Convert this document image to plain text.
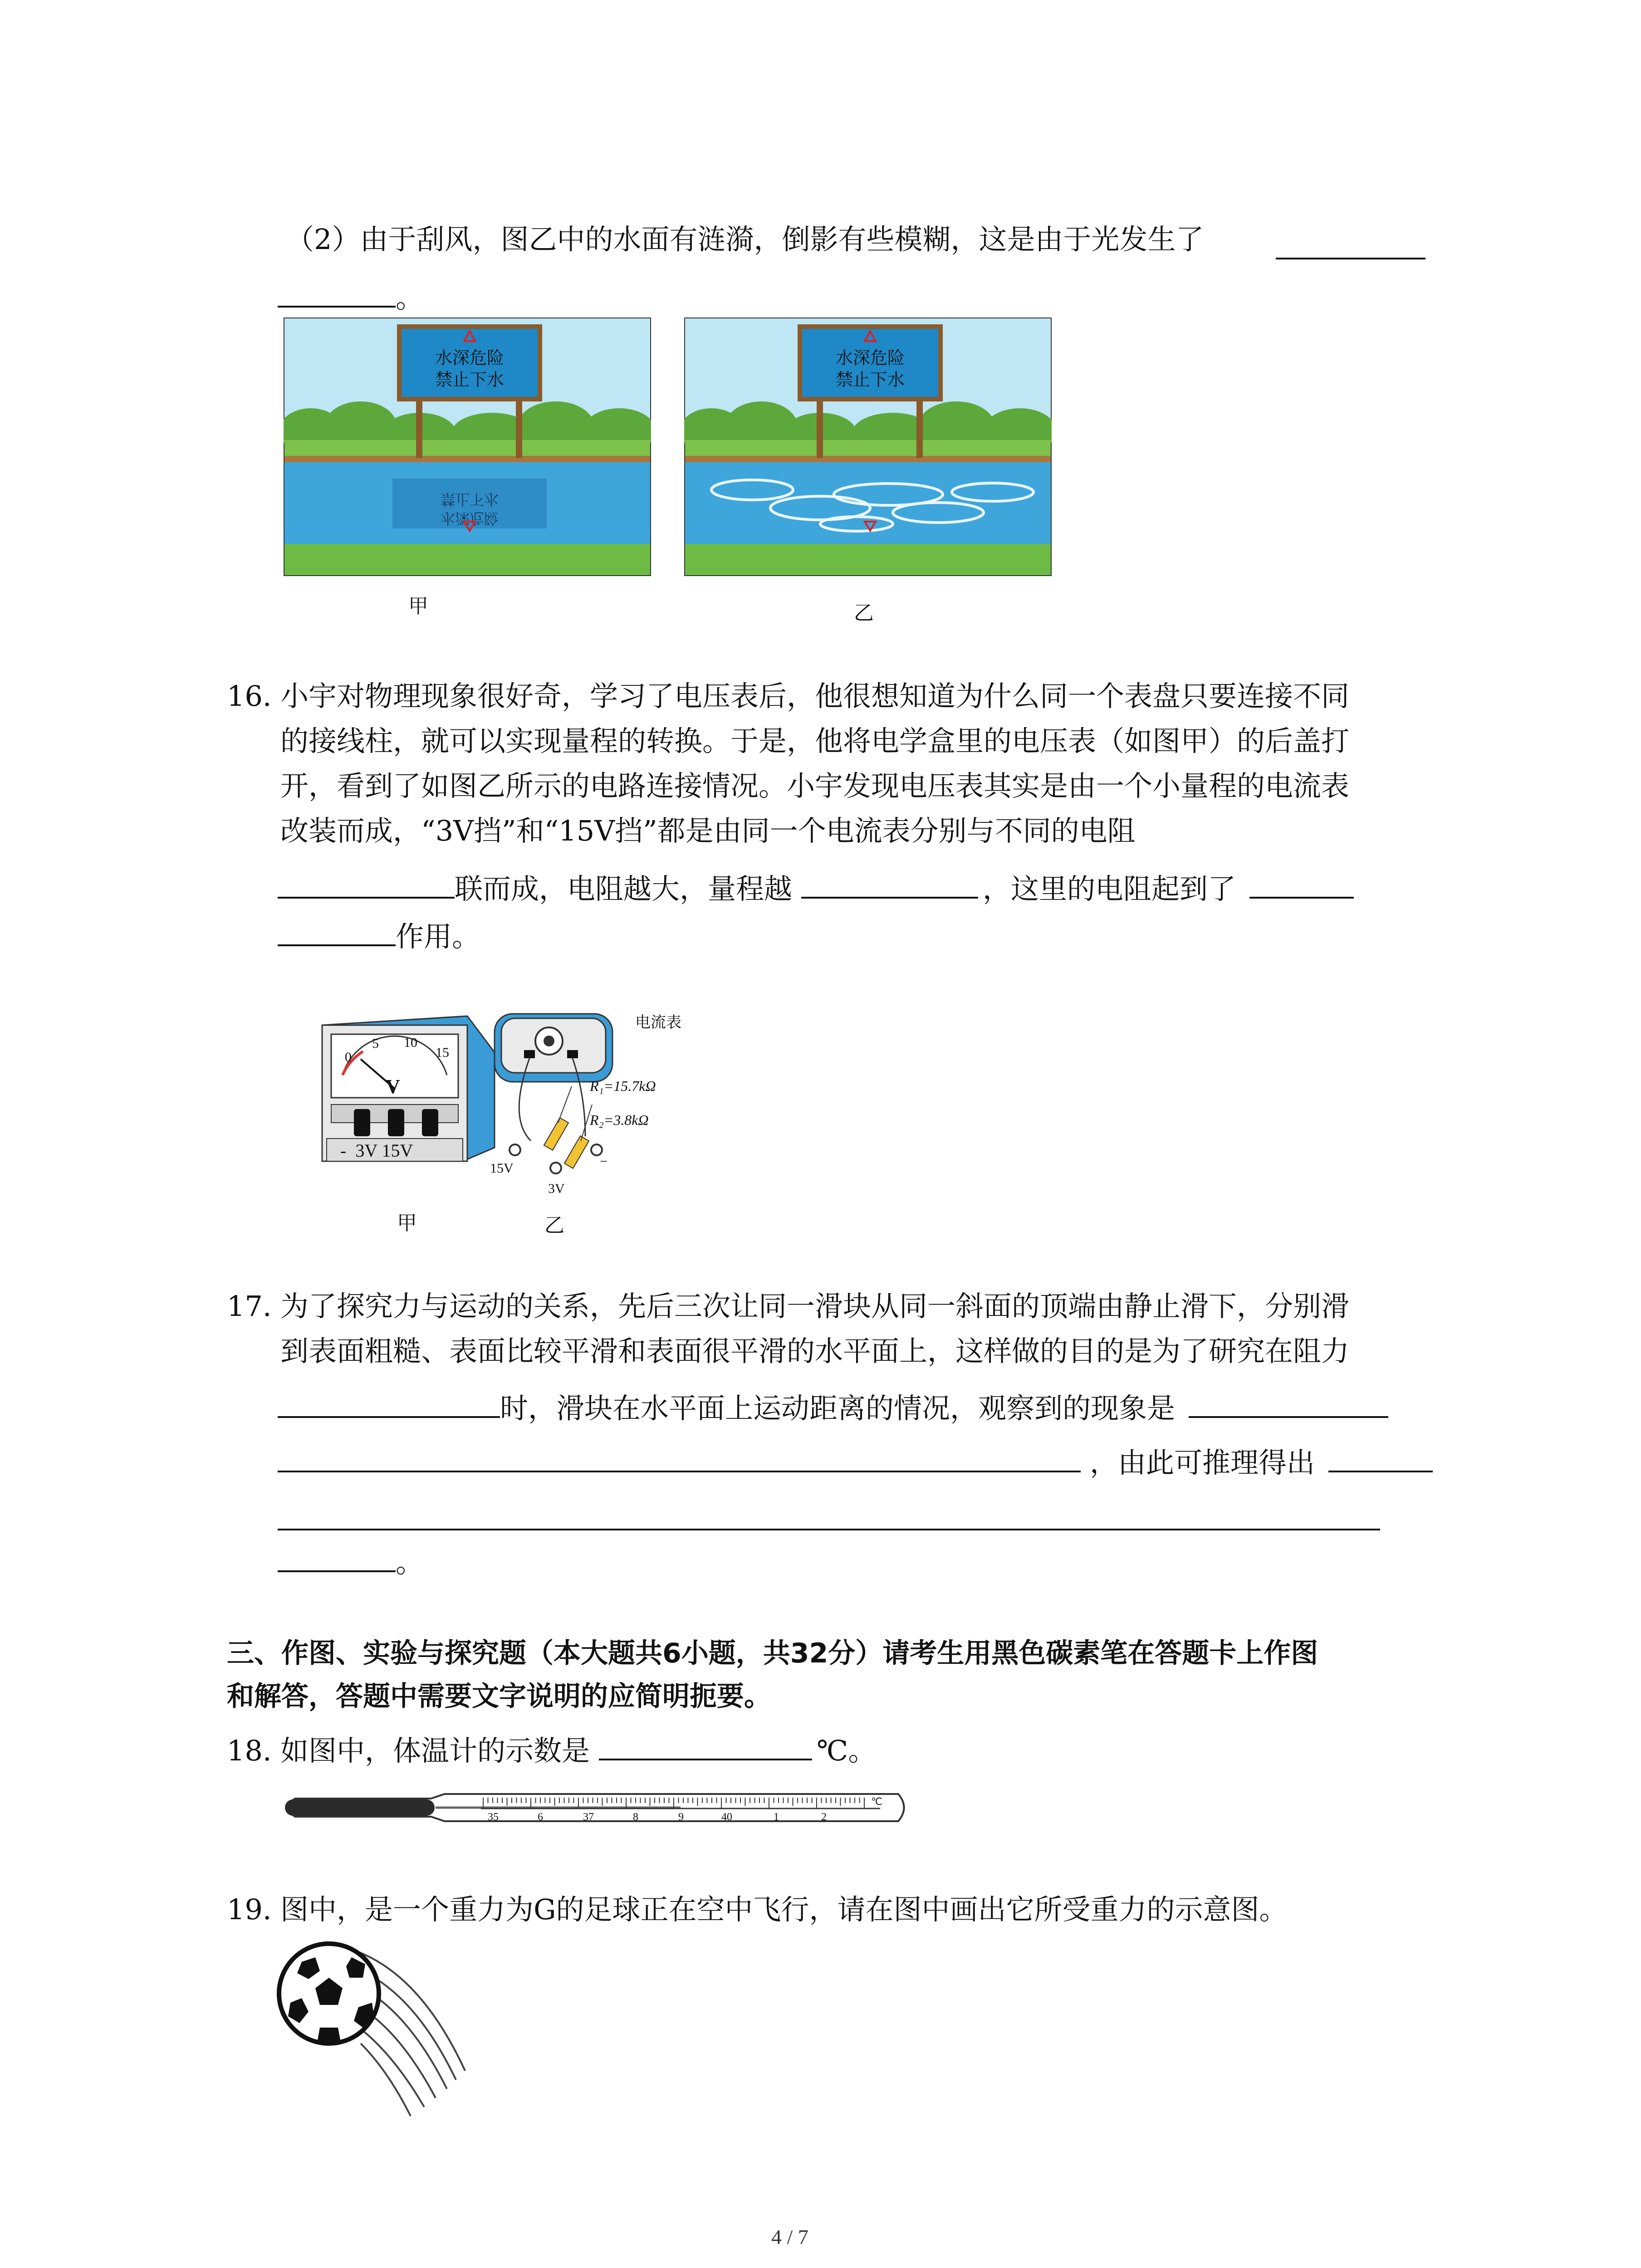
（2）由于刮风，图乙中的水面有涟漪，倒影有些模糊，这是由于光发生了
。
水深危险
禁止下水
水深危险
禁止下水
甲
水深危险
禁止下水
乙
16. 小宇对物理现象很好奇，学习了电压表后，他很想知道为什么同一个表盘只要连接不同
的接线柱，就可以实现量程的转换。于是，他将电学盒里的电压表（如图甲）的后盖打
开，看到了如图乙所示的电路连接情况。小宇发现电压表其实是由一个小量程的电流表
改装而成，“3V挡”和“15V挡”都是由同一个电流表分别与不同的电阻
联而成，电阻越大，量程越	，这里的电阻起到了
作用。
0
5 10
15
V
-  3V 15V
甲
电流表
R₁=15.7kΩ
R₂=3.8kΩ
15V
3V
−
乙
17. 为了探究力与运动的关系，先后三次让同一滑块从同一斜面的顶端由静止滑下，分别滑
到表面粗糙、表面比较平滑和表面很平滑的水平面上，这样做的目的是为了研究在阻力
时，滑块在水平面上运动距离的情况，观察到的现象是
，由此可推理得出
。
三、作图、实验与探究题（本大题共6小题，共32分）请考生用黑色碳素笔在答题卡上作图
和解答，答题中需要文字说明的应简明扼要。
18. 如图中，体温计的示数是	℃。
35	6	37	8	9	40	1	2
℃
19. 图中，是一个重力为G的足球正在空中飞行，请在图中画出它所受重力的示意图。
4 / 7
